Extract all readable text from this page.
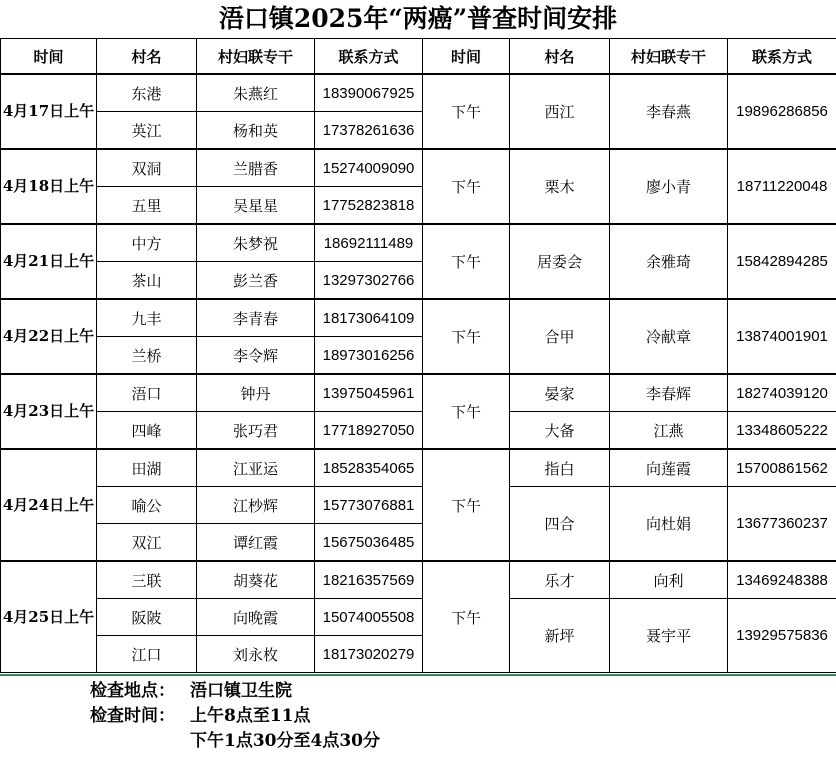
浯口镇2025年“两癌”普查时间安排
时间	村名	村妇联专干	联系方式	时间	村名	村妇联专干	联系方式
4月17日上午	东港	朱燕红	18390067925	下午	西江	李春燕	19896286856
	英江	杨和英	17378261636				
4月18日上午	双洞	兰腊香	15274009090	下午	栗木	廖小青	18711220048
	五里	吴星星	17752823818				
4月21日上午	中方	朱梦祝	18692111489	下午	居委会	余雅琦	15842894285
	茶山	彭兰香	13297302766				
4月22日上午	九丰	李青春	18173064109	下午	合甲	冷献章	13874001901
	兰桥	李令辉	18973016256				
4月23日上午	浯口	钟丹	13975045961	下午	晏家	李春辉	18274039120
	四峰	张巧君	17718927050		大备	江燕	13348605222
4月24日上午	田湖	江亚运	18528354065	下午	指白	向莲霞	15700861562
	喻公	江杪辉	15773076881		四合	向杜娟	13677360237
	双江	谭红霞	15675036485				
4月25日上午	三联	胡葵花	18216357569	下午	乐才	向利	13469248388
	阪陂	向晚霞	15074005508		新坪	聂宇平	13929575836
	江口	刘永枚	18173020279				
检查地点： 浯口镇卫生院
检查时间： 上午8点至11点
下午1点30分至4点30分
